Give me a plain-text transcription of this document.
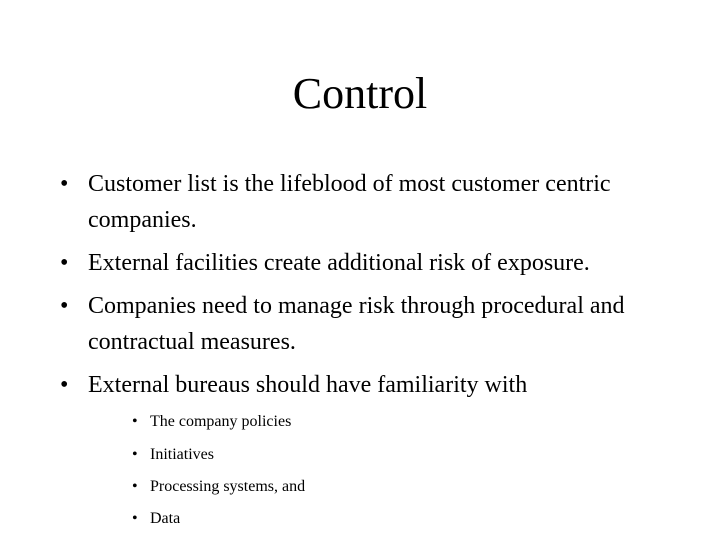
Control
• Customer list is the lifeblood of most customer centric
companies.
• External facilities create additional risk of exposure.
• Companies need to manage risk through procedural and
contractual measures.
• External bureaus should have familiarity with
• The company policies
• Initiatives
• Processing systems, and
• Data
